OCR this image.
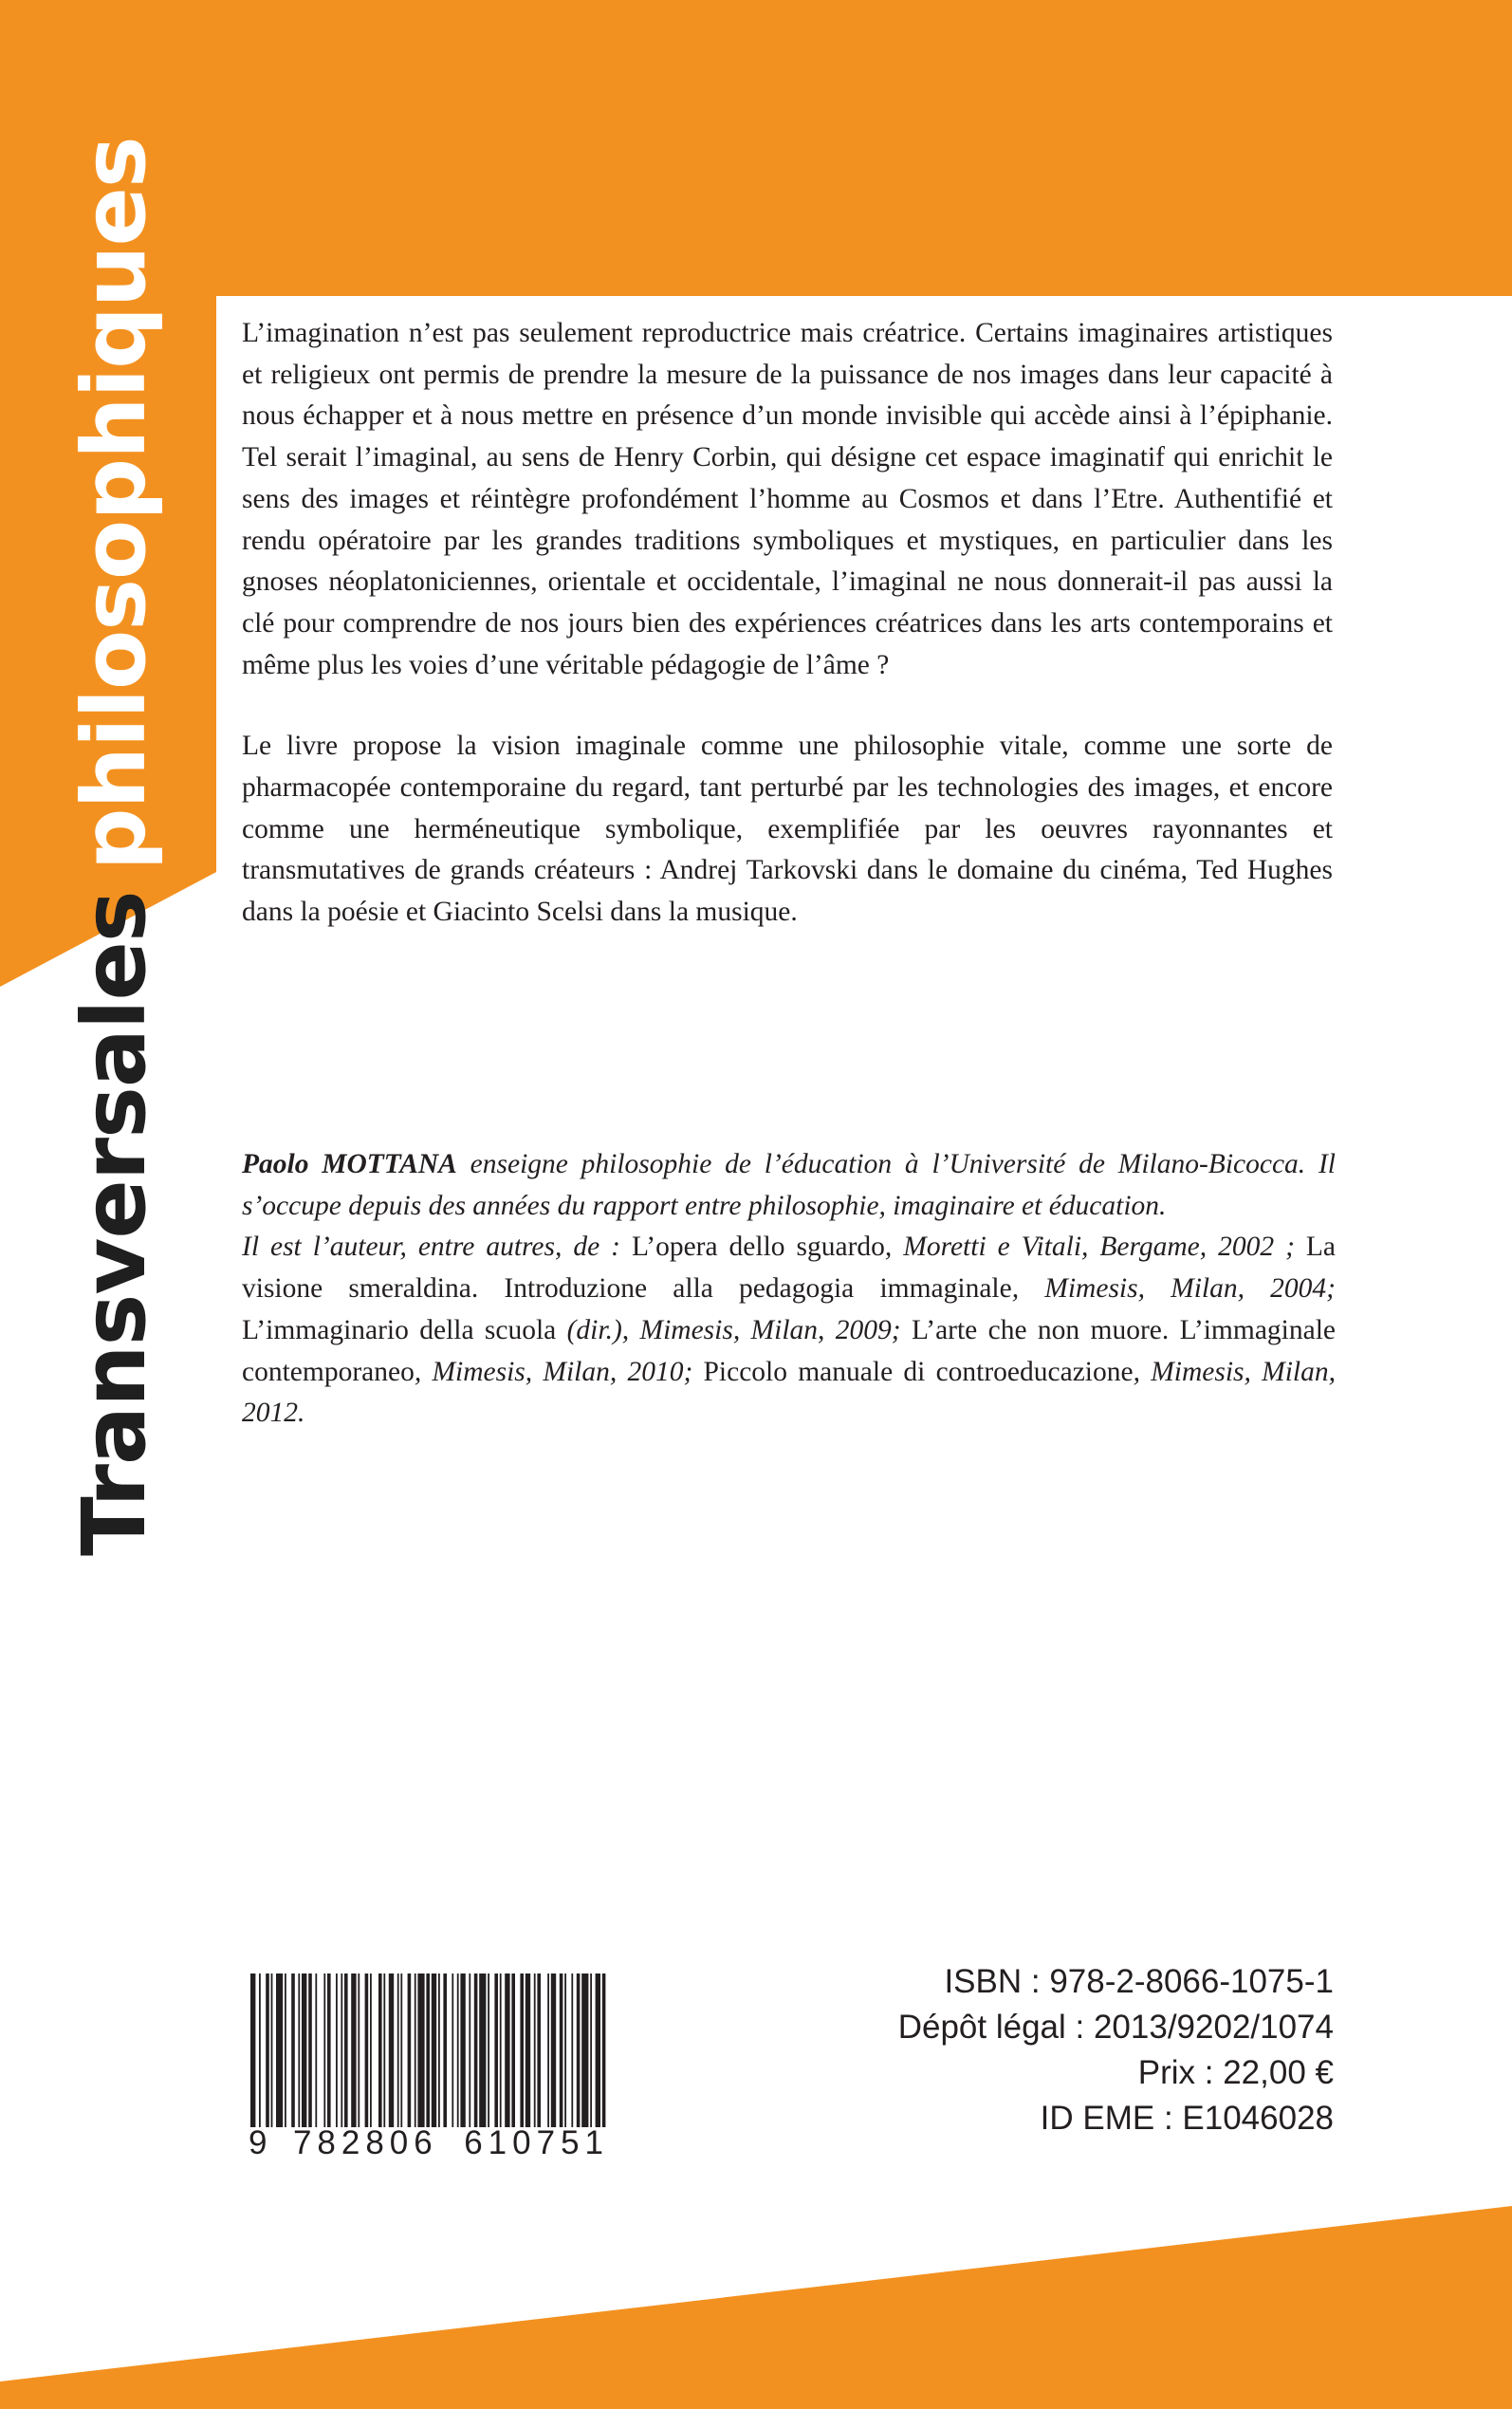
Transversalesphilosophiques	L’imagination n’est pas seulement reproductrice mais créatrice. Certains imaginaires artistiques et religieux ont permis de prendre la mesure de la puissance de nos images dans leur capacité à nous échapper et à nous mettre en présence d’un monde invisible qui accède ainsi à l’épiphanie. Tel serait l’imaginal, au sens de Henry Corbin, qui désigne cet espace imaginatif qui enrichit le sens des images et réintègre profondément l’homme au Cosmos et dans l’Etre. Authentifié et rendu opératoire par les grandes traditions symboliques et mystiques, en particulier dans les gnoses néoplatoniciennes, orientale et occidentale, l’imaginal ne nous donnerait-il pas aussi la clé pour comprendre de nos jours bien des expériences créatrices dans les arts contemporains et même plus les voies d’une véritable pédagogie de l’âme ?

Le livre propose la vision imaginale comme une philosophie vitale, comme une sorte de pharmacopée contemporaine du regard, tant perturbé par les technologies des images, et encore comme une herméneutique symbolique, exemplifiée par les oeuvres rayonnantes et transmutatives de grands créateurs : Andrej Tarkovski dans le domaine du cinéma, Ted Hughes dans la poésie et Giacinto Scelsi dans la musique.

Paolo MOTTANA enseigne philosophie de l’éducation à l’Université de Milano-Bicocca. Il s’occupe depuis des années du rapport entre philosophie, imaginaire et éducation.

Il est l’auteur, entre autres, de : L’opera dello sguardo, Moretti e Vitali, Bergame, 2002 ; La visione smeraldina. Introduzione alla pedagogia immaginale, Mimesis, Milan, 2004; L’immaginario della scuola (dir.), Mimesis, Milan, 2009; L’arte che non muore. L’immaginale contemporaneo, Mimesis, Milan, 2010; Piccolo manuale di controeducazione, Mimesis, Milan, 2012.

9 782806 610751
ISBN : 978-2-8066-1075-1
Dépôt légal : 2013/9202/1074
Prix : 22,00 €
ID EME : E1046028
